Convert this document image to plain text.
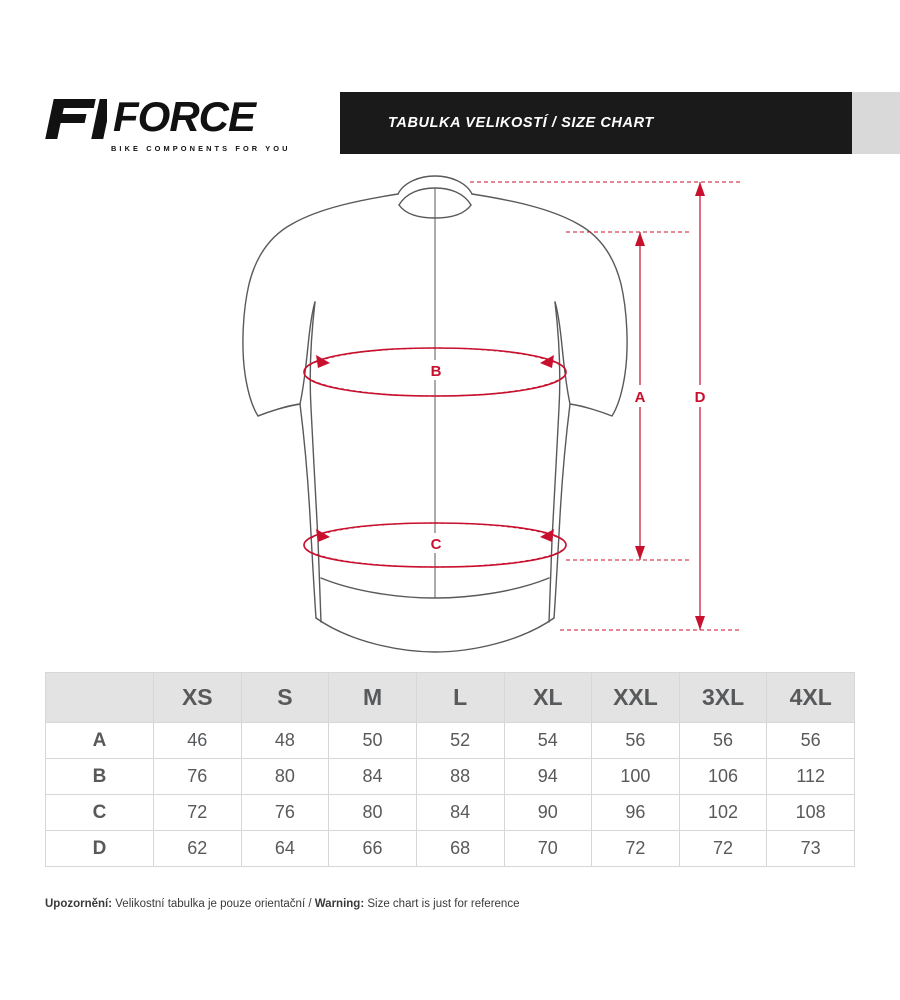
FORCE
BIKE COMPONENTS FOR YOU
TABULKA VELIKOSTÍ / SIZE CHART
B
C
A	D
	XS	S	M	L	XL	XXL	3XL	4XL
A	46	48	50	52	54	56	56	56
B	76	80	84	88	94	100	106	112
C	72	76	80	84	90	96	102	108
D	62	64	66	68	70	72	72	73
Upozornění: Velikostní tabulka je pouze orientační / Warning: Size chart is just for reference
